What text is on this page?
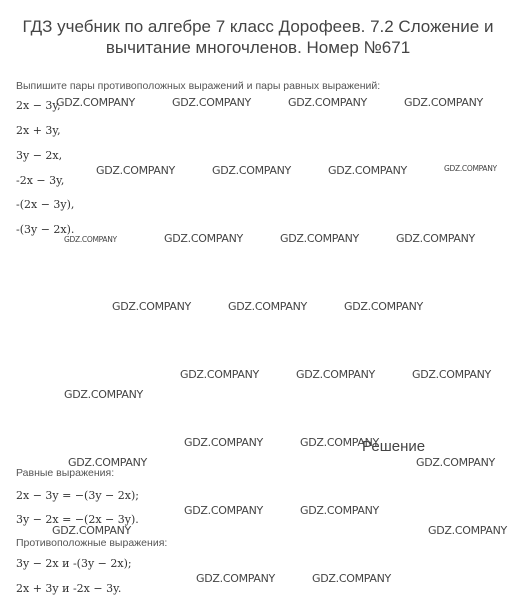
ГДЗ учебник по алгебре 7 класс Дорофеев. 7.2 Сложение и вычитание многочленов. Номер №671
Выпишите пары противоположных выражений и пары равных выражений:
2x − 3y,
2x + 3y,
3y − 2x,
-2x − 3y,
-(2x − 3y),
-(3y − 2x).
Решение
Равные выражения:
2x − 3y = −(3y − 2x);
3y − 2x = −(2x − 3y).
Противоположные выражения:
3y − 2x и -(3y − 2x);
2x + 3y и -2x − 3y.
GDZ.COMPANY	GDZ.COMPANY	GDZ.COMPANY	GDZ.COMPANY
GDZ.COMPANY	GDZ.COMPANY	GDZ.COMPANY	GDZ.COMPANY
GDZ.COMPANY	GDZ.COMPANY	GDZ.COMPANY	GDZ.COMPANY
GDZ.COMPANY	GDZ.COMPANY	GDZ.COMPANY
GDZ.COMPANY	GDZ.COMPANY	GDZ.COMPANY
GDZ.COMPANY
GDZ.COMPANY	GDZ.COMPANY
GDZ.COMPANY	GDZ.COMPANY
GDZ.COMPANY	GDZ.COMPANY
GDZ.COMPANY	GDZ.COMPANY
GDZ.COMPANY	GDZ.COMPANY
